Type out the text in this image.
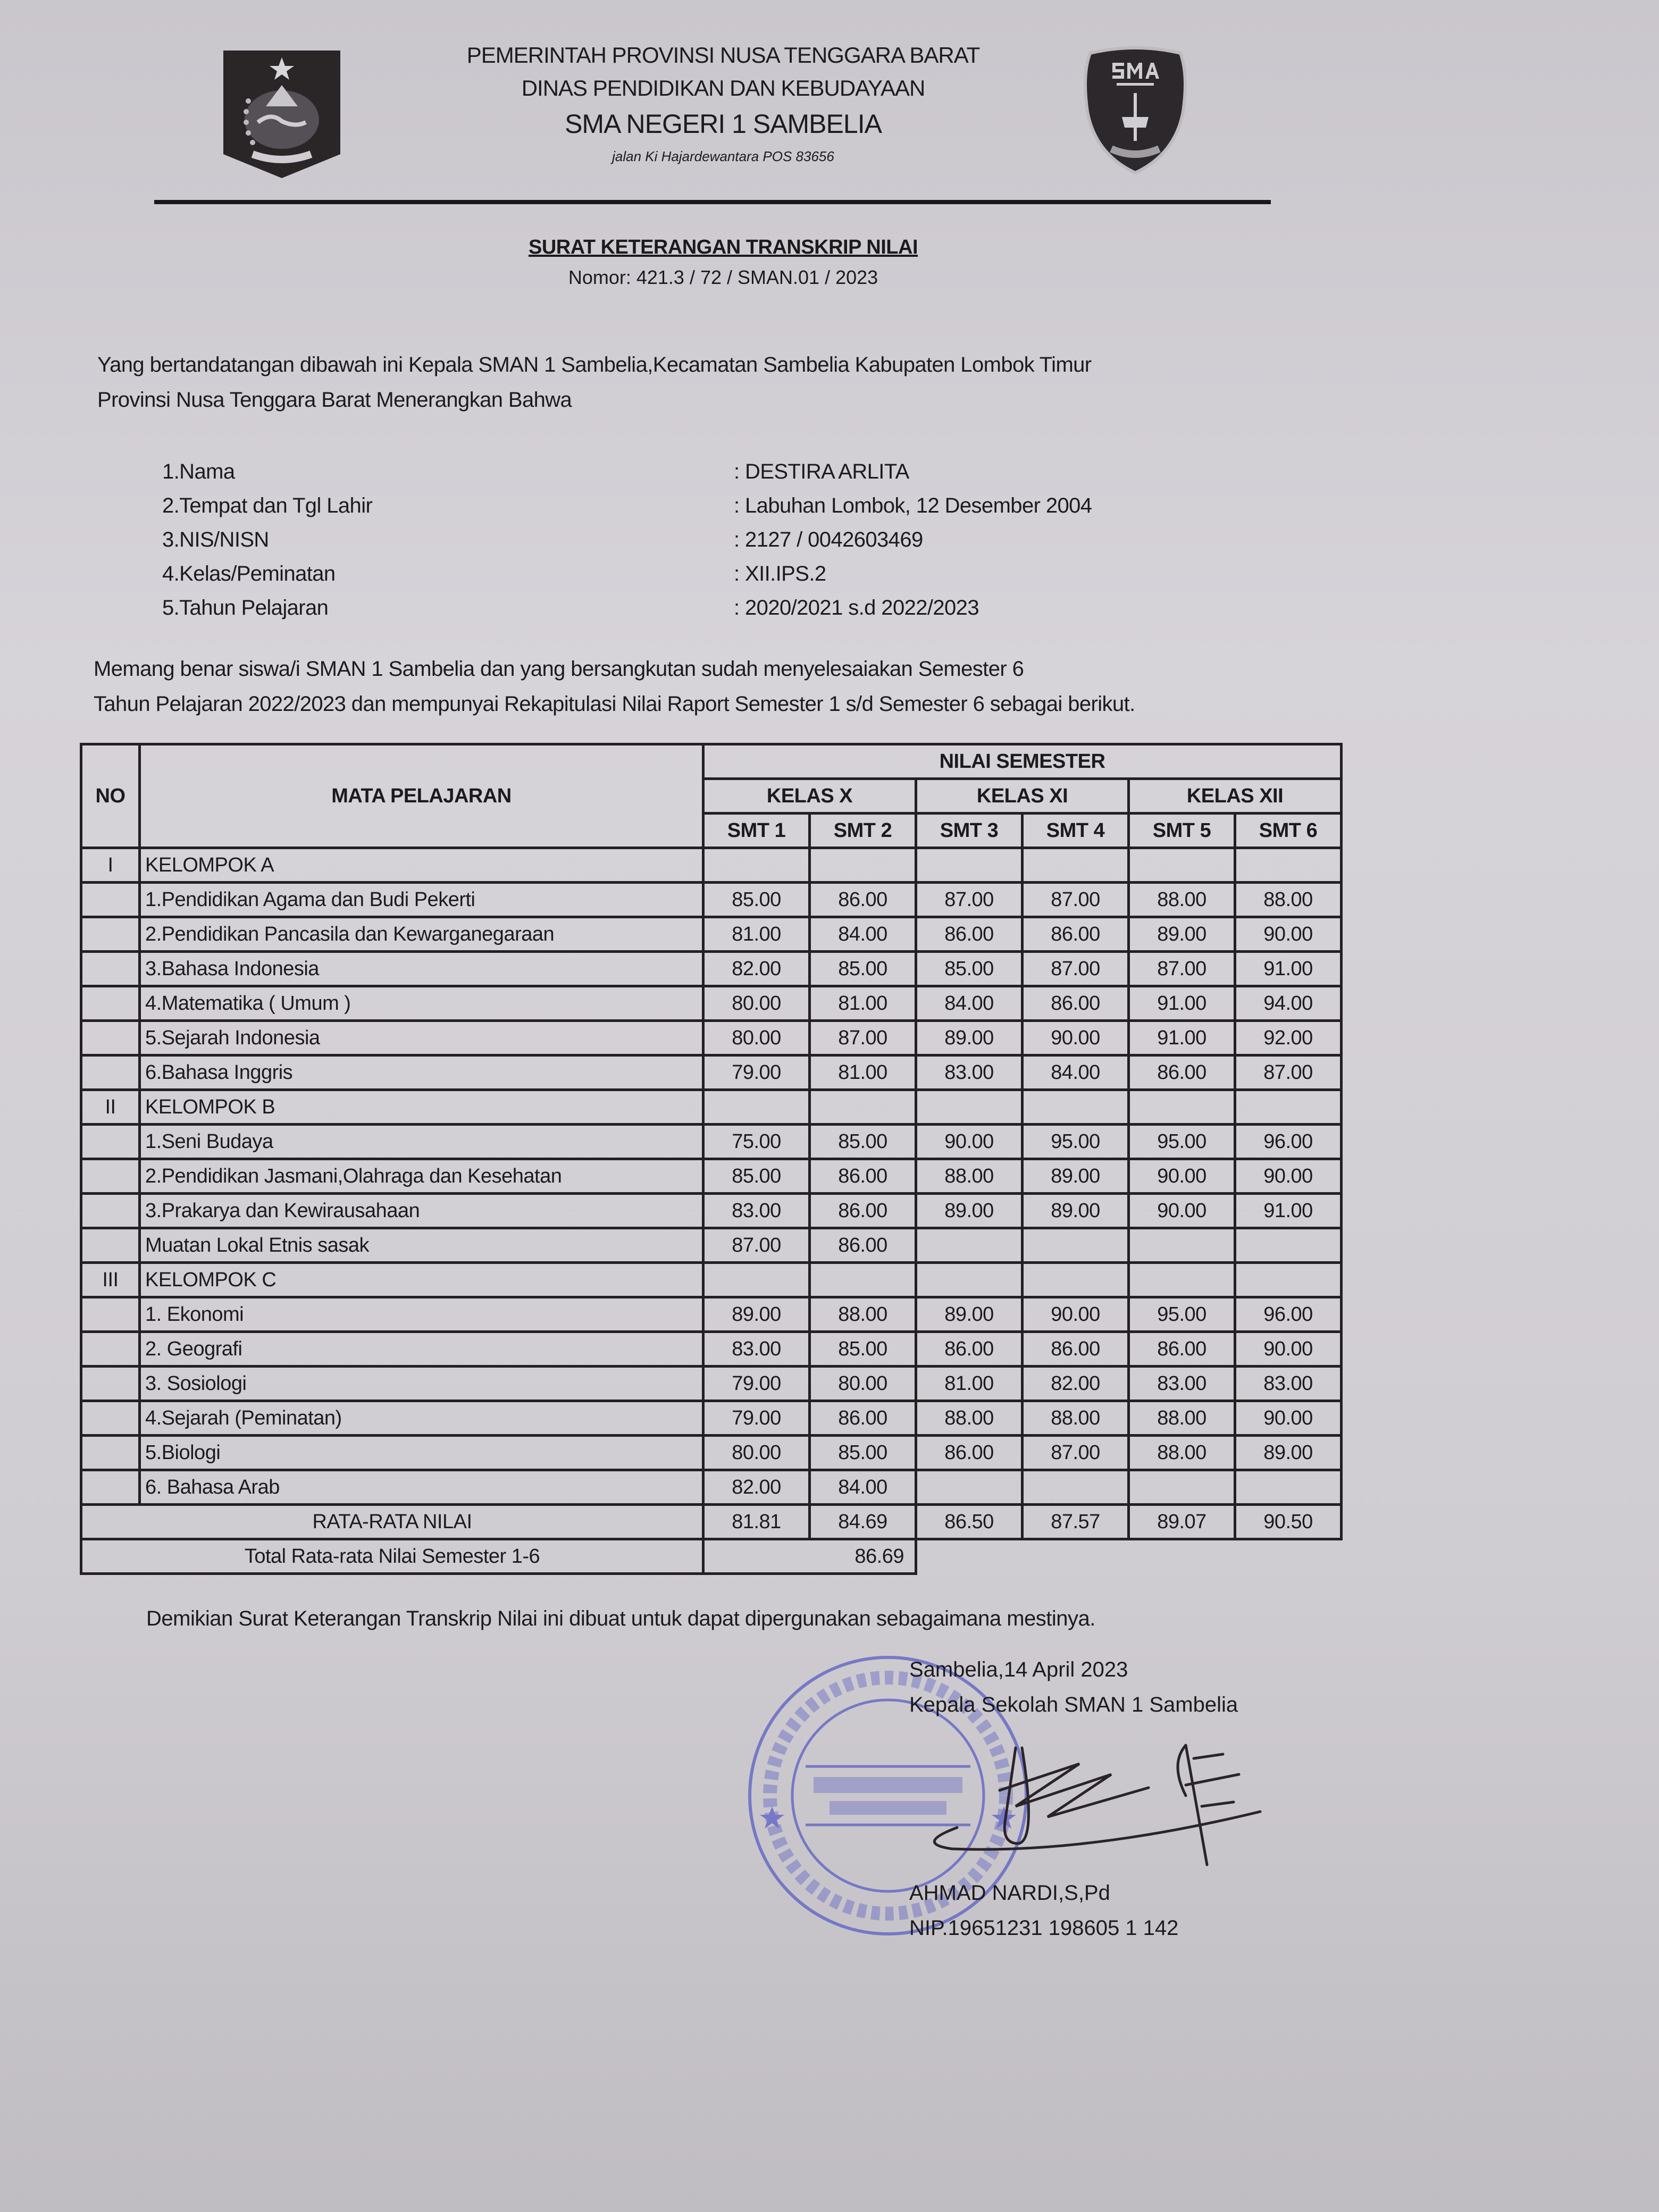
PEMERINTAH PROVINSI NUSA TENGGARA BARAT
DINAS PENDIDIKAN DAN KEBUDAYAAN
SMA NEGERI 1 SAMBELIA
jalan Ki Hajardewantara POS 83656
SURAT KETERANGAN TRANSKRIP NILAI
Nomor: 421.3 / 72 / SMAN.01 / 2023
Yang bertandatangan dibawah ini Kepala SMAN 1 Sambelia,Kecamatan Sambelia Kabupaten Lombok Timur
Provinsi Nusa Tenggara Barat Menerangkan Bahwa
1.Nama	: DESTIRA ARLITA
2.Tempat dan Tgl Lahir	: Labuhan Lombok, 12 Desember 2004
3.NIS/NISN	: 2127 / 0042603469
4.Kelas/Peminatan	: XII.IPS.2
5.Tahun Pelajaran	: 2020/2021 s.d 2022/2023
Memang benar siswa/i SMAN 1 Sambelia dan yang bersangkutan sudah menyelesaiakan Semester 6
Tahun Pelajaran 2022/2023 dan mempunyai Rekapitulasi Nilai Raport Semester 1 s/d Semester 6 sebagai berikut.
NO	MATA PELAJARAN	NILAI SEMESTER					
		KELAS X		KELAS XI		KELAS XII	
		SMT 1	SMT 2	SMT 3	SMT 4	SMT 5	SMT 6
I	KELOMPOK A						
	1.Pendidikan Agama dan Budi Pekerti	85.00	86.00	87.00	87.00	88.00	88.00
	2.Pendidikan Pancasila dan Kewarganegaraan	81.00	84.00	86.00	86.00	89.00	90.00
	3.Bahasa Indonesia	82.00	85.00	85.00	87.00	87.00	91.00
	4.Matematika ( Umum )	80.00	81.00	84.00	86.00	91.00	94.00
	5.Sejarah Indonesia	80.00	87.00	89.00	90.00	91.00	92.00
	6.Bahasa Inggris	79.00	81.00	83.00	84.00	86.00	87.00
II	KELOMPOK B						
	1.Seni Budaya	75.00	85.00	90.00	95.00	95.00	96.00
	2.Pendidikan Jasmani,Olahraga dan Kesehatan	85.00	86.00	88.00	89.00	90.00	90.00
	3.Prakarya dan Kewirausahaan	83.00	86.00	89.00	89.00	90.00	91.00
	Muatan Lokal Etnis sasak	87.00	86.00				
III	KELOMPOK C						
	1. Ekonomi	89.00	88.00	89.00	90.00	95.00	96.00
	2. Geografi	83.00	85.00	86.00	86.00	86.00	90.00
	3. Sosiologi	79.00	80.00	81.00	82.00	83.00	83.00
	4.Sejarah (Peminatan)	79.00	86.00	88.00	88.00	88.00	90.00
	5.Biologi	80.00	85.00	86.00	87.00	88.00	89.00
	6. Bahasa Arab	82.00	84.00				
RATA-RATA NILAI		81.81	84.69	86.50	87.57	89.07	90.50
Total Rata-rata Nilai Semester 1-6		86.69					
Demikian Surat Keterangan Transkrip Nilai ini dibuat untuk dapat dipergunakan sebagaimana mestinya.
Sambelia,14 April 2023
Kepala Sekolah SMAN 1 Sambelia
AHMAD NARDI,S,Pd
NIP.19651231 198605 1 142
